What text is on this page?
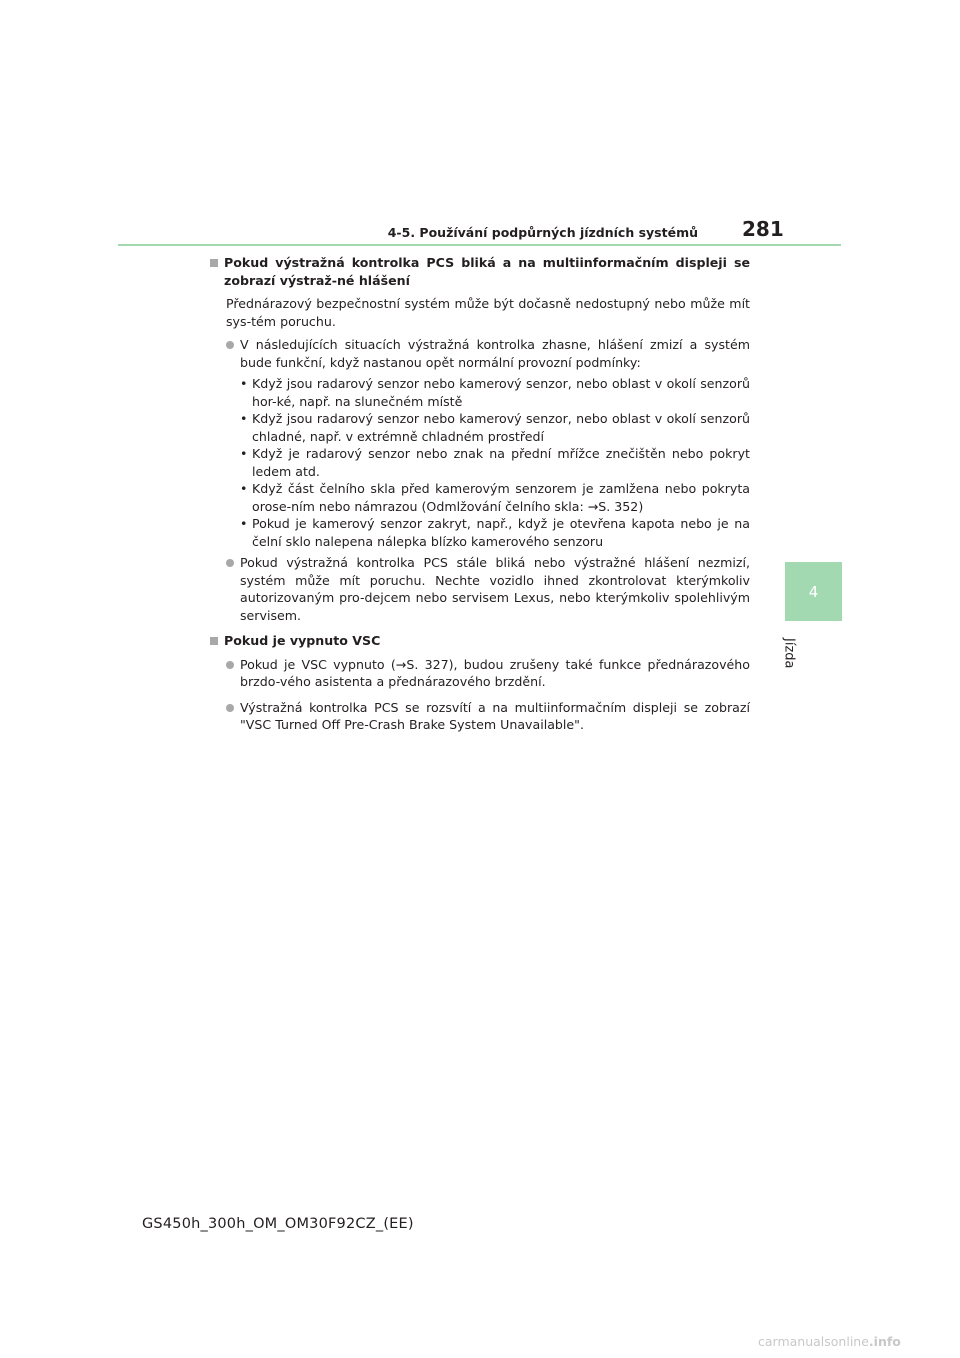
4-5. Používání podpůrných jízdních systémů 281
4
Jízda
Pokud výstražná kontrolka PCS bliká a na multiinformačním displeji se zobrazí výstraž-né hlášení
Přednárazový bezpečnostní systém může být dočasně nedostupný nebo může mít sys-tém poruchu.
V následujících situacích výstražná kontrolka zhasne, hlášení zmizí a systém bude funkční, když nastanou opět normální provozní podmínky:
• Když jsou radarový senzor nebo kamerový senzor, nebo oblast v okolí senzorů hor-ké, např. na slunečném místě
• Když jsou radarový senzor nebo kamerový senzor, nebo oblast v okolí senzorů chladné, např. v extrémně chladném prostředí
• Když je radarový senzor nebo znak na přední mřížce znečištěn nebo pokryt ledem atd.
• Když část čelního skla před kamerovým senzorem je zamlžena nebo pokryta orose-ním nebo námrazou (Odmlžování čelního skla: →S. 352)
• Pokud je kamerový senzor zakryt, např., když je otevřena kapota nebo je na čelní sklo nalepena nálepka blízko kamerového senzoru
Pokud výstražná kontrolka PCS stále bliká nebo výstražné hlášení nezmizí, systém může mít poruchu. Nechte vozidlo ihned zkontrolovat kterýmkoliv autorizovaným pro-dejcem nebo servisem Lexus, nebo kterýmkoliv spolehlivým servisem.
Pokud je vypnuto VSC
Pokud je VSC vypnuto (→S. 327), budou zrušeny také funkce přednárazového brzdo-vého asistenta a přednárazového brzdění.
Výstražná kontrolka PCS se rozsvítí a na multiinformačním displeji se zobrazí "VSC Turned Off Pre-Crash Brake System Unavailable".
GS450h_300h_OM_OM30F92CZ_(EE)
carmanualsonline.info
